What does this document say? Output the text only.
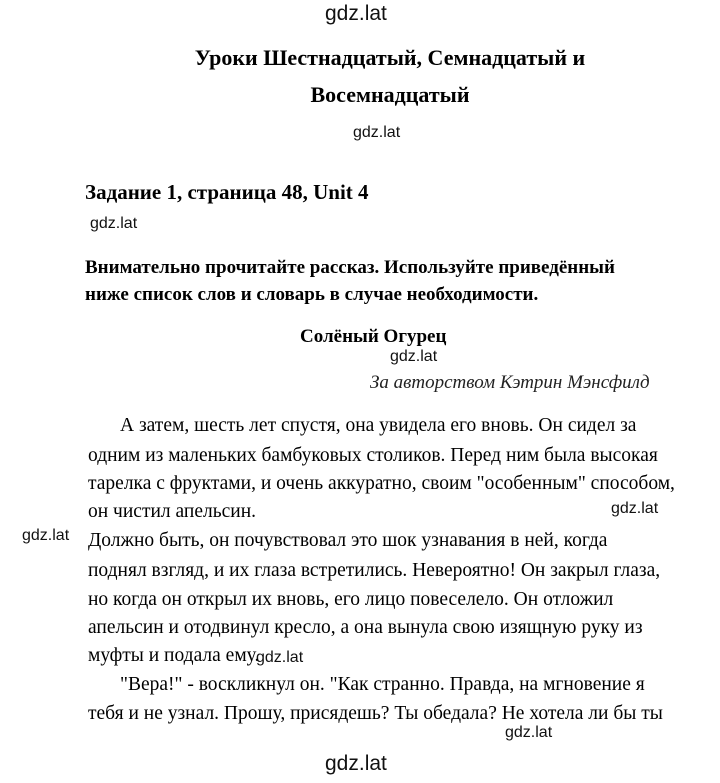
gdz.lat
gdz.lat
gdz.lat
gdz.lat
gdz.lat
gdz.lat
gdz.lat
gdz.lat
gdz.lat
Уроки Шестнадцатый, Семнадцатый и
Восемнадцатый
Задание 1, страница 48, Unit 4
Внимательно прочитайте рассказ. Используйте приведённый
ниже список слов и словарь в случае необходимости.
Солёный Огурец
За авторством Кэтрин Мэнсфилд
А затем, шесть лет спустя, она увидела его вновь. Он сидел за
одним из маленьких бамбуковых столиков. Перед ним была высокая
тарелка с фруктами, и очень аккуратно, своим "особенным" способом,
он чистил апельсин.
Должно быть, он почувствовал это шок узнавания в ней, когда
поднял взгляд, и их глаза встретились. Невероятно! Он закрыл глаза,
но когда он открыл их вновь, его лицо повеселело. Он отложил
апельсин и отодвинул кресло, а она вынула свою изящную руку из
муфты и подала ему.
"Вера!" - воскликнул он. "Как странно. Правда, на мгновение я
тебя и не узнал. Прошу, присядешь? Ты обедала? Не хотела ли бы ты
